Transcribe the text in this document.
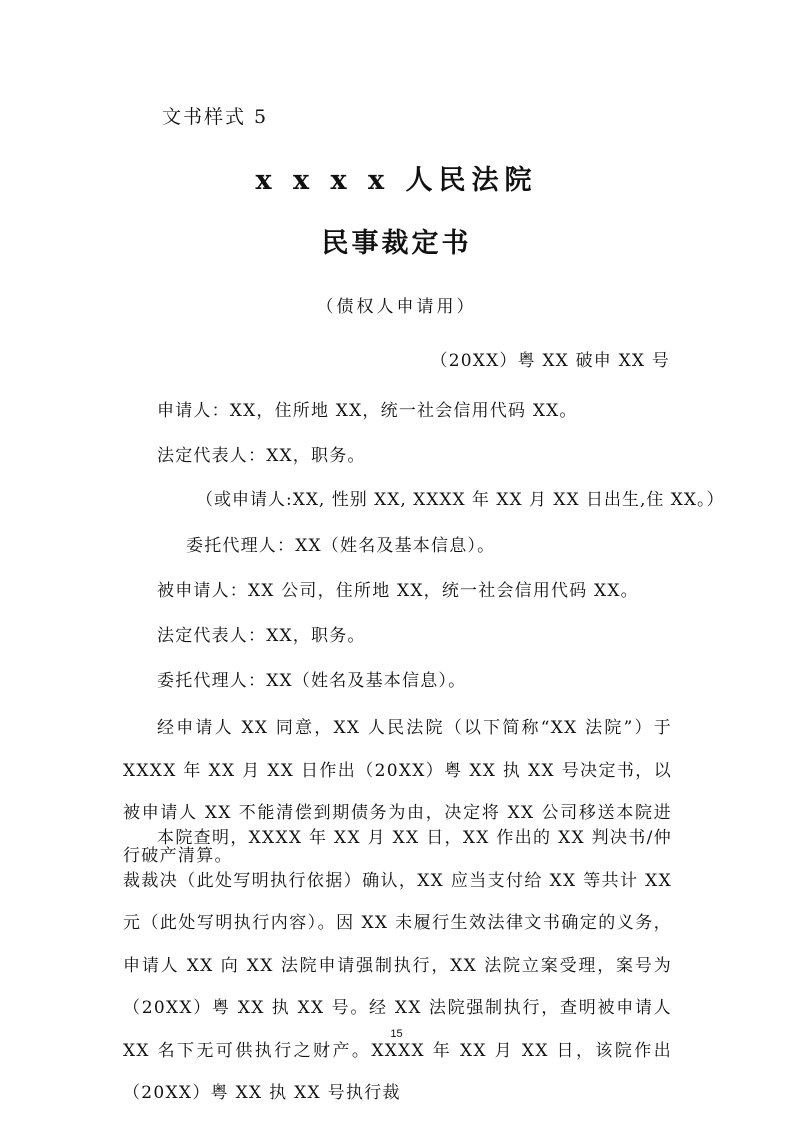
文书样式 5
x x x x 人民法院
民事裁定书
（债权人申请用）
（20XX）粤 XX 破申 XX 号
申请人：XX，住所地 XX，统一社会信用代码 XX。
法定代表人：XX，职务。
（或申请人:XX, 性别 XX, XXXX 年 XX 月 XX 日出生,住 XX。）
委托代理人：XX（姓名及基本信息）。
被申请人：XX 公司，住所地 XX，统一社会信用代码 XX。
法定代表人：XX，职务。
委托代理人：XX（姓名及基本信息）。
经申请人 XX 同意，XX 人民法院（以下简称“XX 法院”）于 XXXX 年 XX 月 XX 日作出（20XX）粤 XX 执 XX 号决定书，以被申请人 XX 不能清偿到期债务为由，决定将 XX 公司移送本院进行破产清算。
本院查明，XXXX 年 XX 月 XX 日，XX 作出的 XX 判决书/仲裁裁决（此处写明执行依据）确认，XX 应当支付给 XX 等共计 XX 元（此处写明执行内容）。因 XX 未履行生效法律文书确定的义务，申请人 XX 向 XX 法院申请强制执行，XX 法院立案受理，案号为（20XX）粤 XX 执 XX 号。经 XX 法院强制执行，查明被申请人 XX 名下无可供执行之财产。XXXX 年 XX 月 XX 日，该院作出（20XX）粤 XX 执 XX 号执行裁
15
